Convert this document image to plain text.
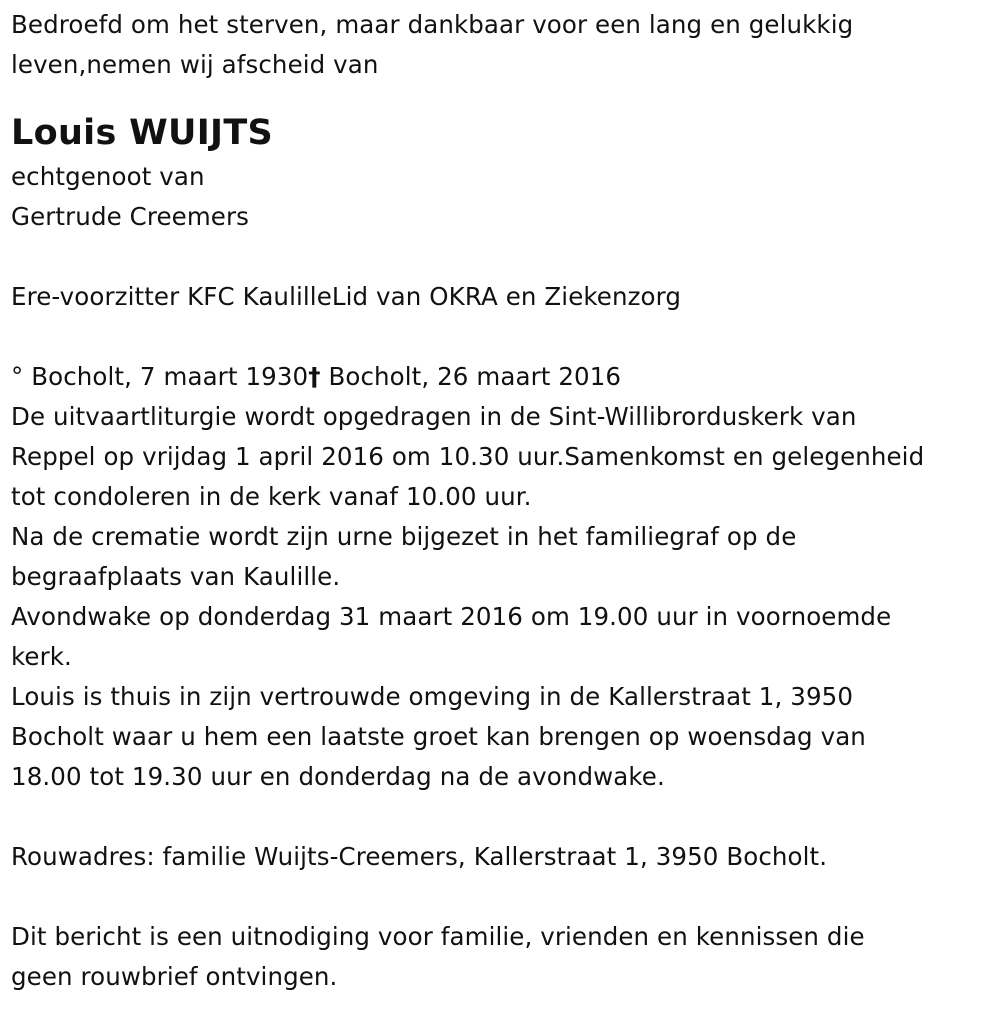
Bedroefd om het sterven, maar dankbaar voor een lang en gelukkig

leven,nemen wij afscheid van

Louis WUIJTS

echtgenoot van

Gertrude Creemers

Ere-voorzitter KFC KaulilleLid van OKRA en Ziekenzorg

° Bocholt, 7 maart 1930† Bocholt, 26 maart 2016

De uitvaartliturgie wordt opgedragen in de Sint-Willibrorduskerk van

Reppel op vrijdag 1 april 2016 om 10.30 uur.Samenkomst en gelegenheid

tot condoleren in de kerk vanaf 10.00 uur.

Na de crematie wordt zijn urne bijgezet in het familiegraf op de

begraafplaats van Kaulille.

Avondwake op donderdag 31 maart 2016 om 19.00 uur in voornoemde

kerk.

Louis is thuis in zijn vertrouwde omgeving in de Kallerstraat 1, 3950

Bocholt waar u hem een laatste groet kan brengen op woensdag van

18.00 tot 19.30 uur en donderdag na de avondwake.

Rouwadres: familie Wuijts-Creemers, Kallerstraat 1, 3950 Bocholt.

Dit bericht is een uitnodiging voor familie, vrienden en kennissen die

geen rouwbrief ontvingen.
